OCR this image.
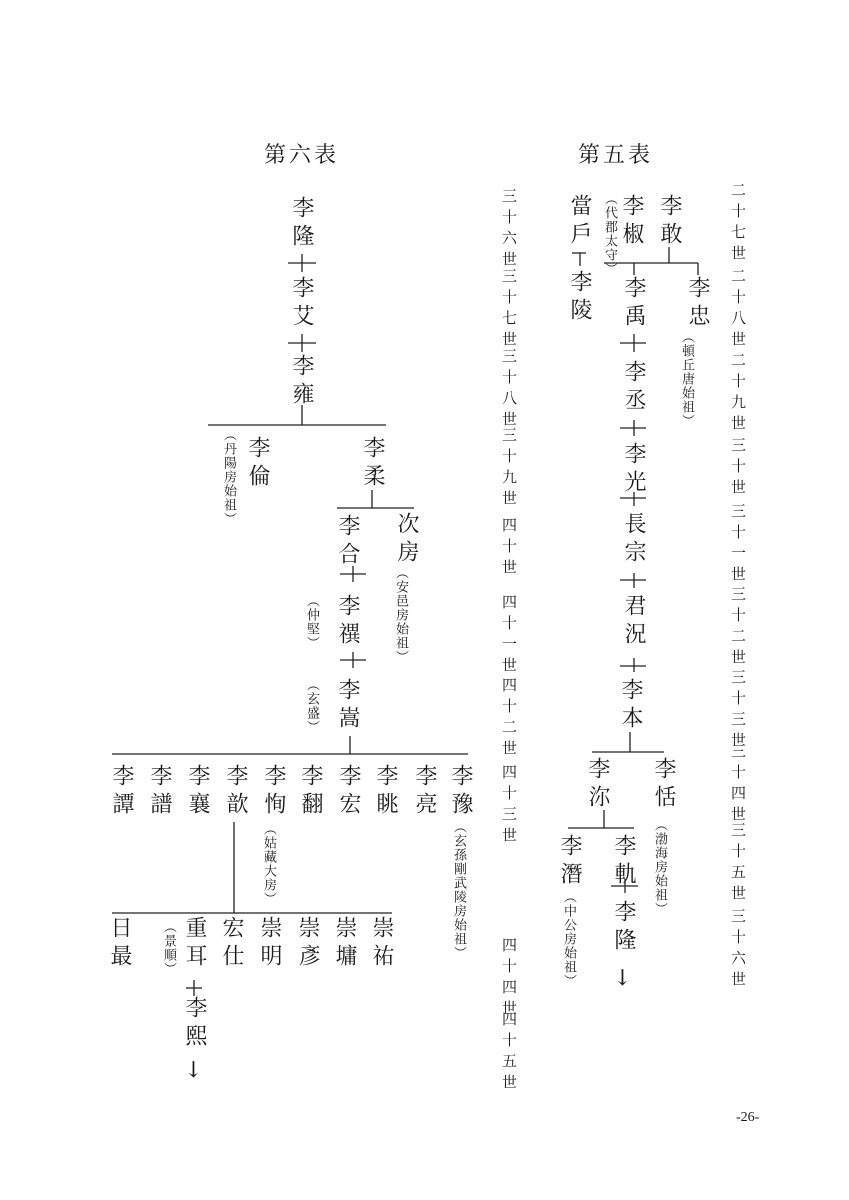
第六表	第五表
二十七世
二十八世
二十九世
三十世
三十一世
三十二世
三十三世
三十四世
三十五世
三十六世
三十六世
三十七世
三十八世
三十九世
四十世
四十一世
四十二世
四十三世
四十四世
四十五世
李敢
李椒
（代郡太守）
當戶
李陵	李忠
（頓丘唐始祖）
李禹
李丞
李光
長宗
君況
李本
李恬
（渤海房始祖）
李沵
李軌
李隆
↓
李潛
（中公房始祖）
李隆
李艾
李雍
李倫
（丹陽房始祖）	李柔
次房
（安邑房始祖）
李合
李禩
（仲堅）
李嵩
（玄盛）
李豫
（玄孫剛武陵房始祖）
李亮
李眺
李宏
李翻
李恂
（姑藏大房）
李歆
李襄
李譜
李譚
崇祐
崇墉
崇彥
崇明
宏仕
重耳
（景順）
日最
李熙
↓
-26-
